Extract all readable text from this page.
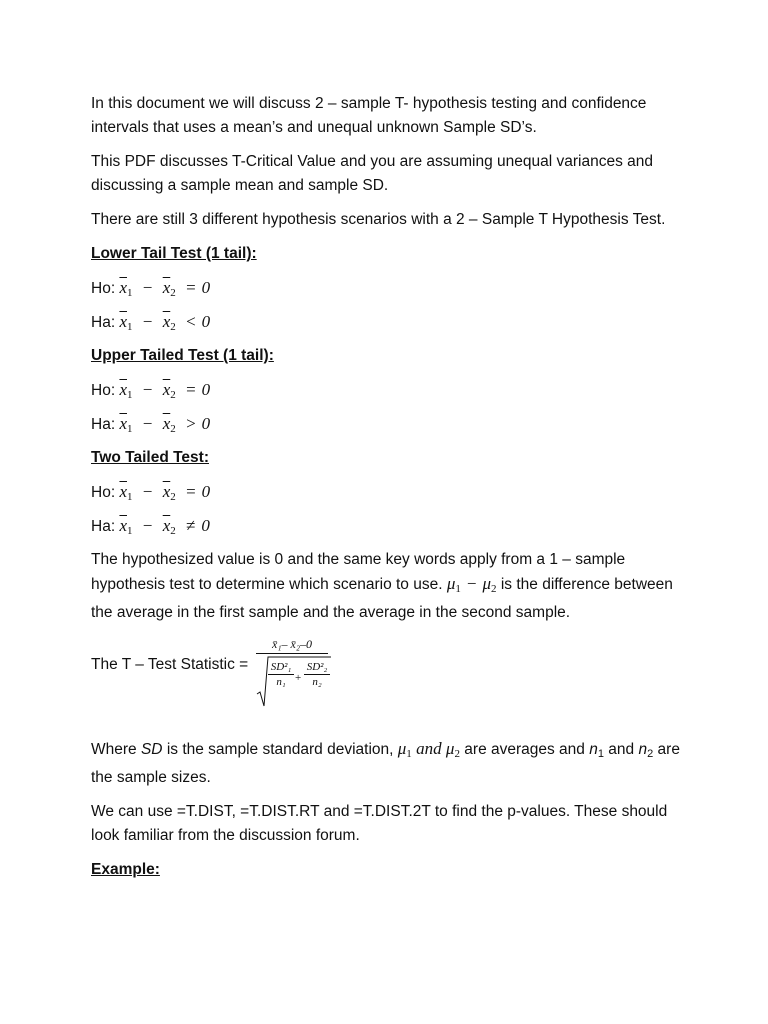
In this document we will discuss 2 – sample T- hypothesis testing and confidence intervals that uses a mean’s and unequal unknown Sample SD’s.

This PDF discusses T-Critical Value and you are assuming unequal variances and discussing a sample mean and sample SD.

There are still 3 different hypothesis scenarios with a 2 – Sample T Hypothesis Test.

Lower Tail Test (1 tail):

Ho: $\overline{x}_1 - \overline{x}_2 = 0$

Ha: $\overline{x}_1 - \overline{x}_2 < 0$

Upper Tailed Test (1 tail):

Ho: $\overline{x}_1 - \overline{x}_2 = 0$

Ha: $\overline{x}_1 - \overline{x}_2 > 0$

Two Tailed Test:

Ho: $\overline{x}_1 - \overline{x}_2 = 0$

Ha: $\overline{x}_1 - \overline{x}_2 \ne 0$

The hypothesized value is 0 and the same key words apply from a 1 – sample hypothesis test to determine which scenario to use. $\mu_1 - \mu_2$ is the difference between the average in the first sample and the average in the second sample.

The T – Test Statistic =
x̄₁– x̄₂–0
SD²₁
n₁ +
SD²₂
n₂

Where SD is the sample standard deviation, $\mu_1$ and $\mu_2$ are averages and $n_1$ and $n_2$ are the sample sizes.

We can use =T.DIST, =T.DIST.RT and =T.DIST.2T to find the p-values. These should look familiar from the discussion forum.

Example:
